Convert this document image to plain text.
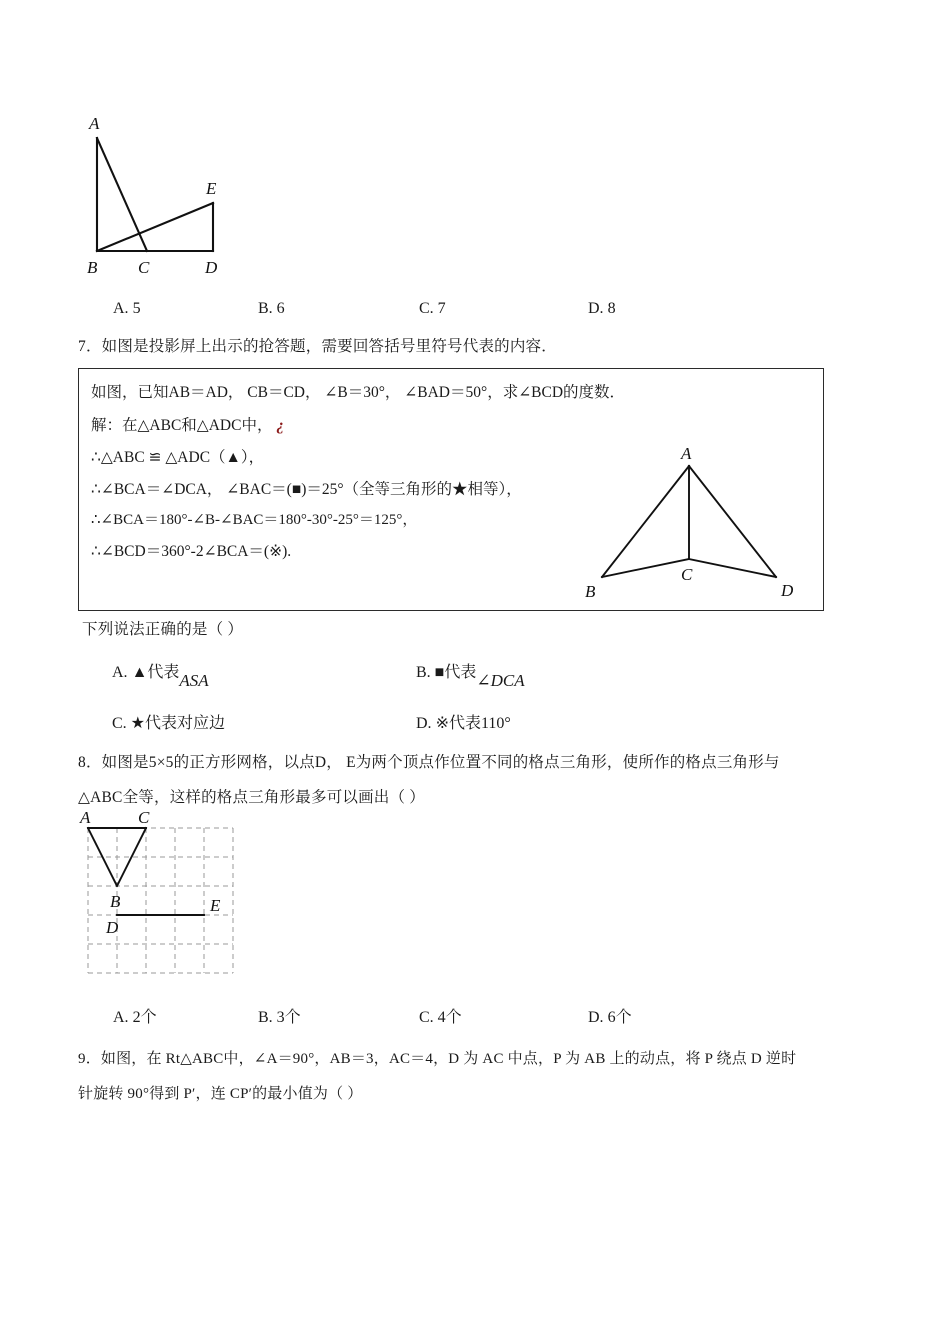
A
B C	D
E
A. 5	B. 6	C. 7	D. 8
7．如图是投影屏上出示的抢答题，需要回答括号里符号代表的内容．
如图，已知AB＝AD， CB＝CD， ∠B＝30°， ∠BAD＝50°，求∠BCD的度数．
解：在△ABC和△ADC中， ¿
∴△ABC ≌ △ADC（▲），
∴∠BCA＝∠DCA， ∠BAC＝(■)＝25°（全等三角形的★相等），
∴∠BCA＝180°-∠B-∠BAC＝180°-30°-25°＝125°，
∴∠BCD＝360°-2∠BCA＝(※).
A
B
C
D
下列说法正确的是（ ）
A. ▲代表ASA	B. ■代表∠DCA
C. ★代表对应边	D. ※代表110°
8．如图是5×5的正方形网格，以点D， E为两个顶点作位置不同的格点三角形，使所作的格点三角形与
△ABC全等，这样的格点三角形最多可以画出（ ）
A	C
B
D
E
A. 2个	B. 3个	C. 4个	D. 6个
9．如图，在 Rt△ABC中，∠A＝90°，AB＝3，AC＝4，D 为 AC 中点，P 为 AB 上的动点，将 P 绕点 D 逆时
针旋转 90°得到 P′，连 CP′的最小值为（ ）
